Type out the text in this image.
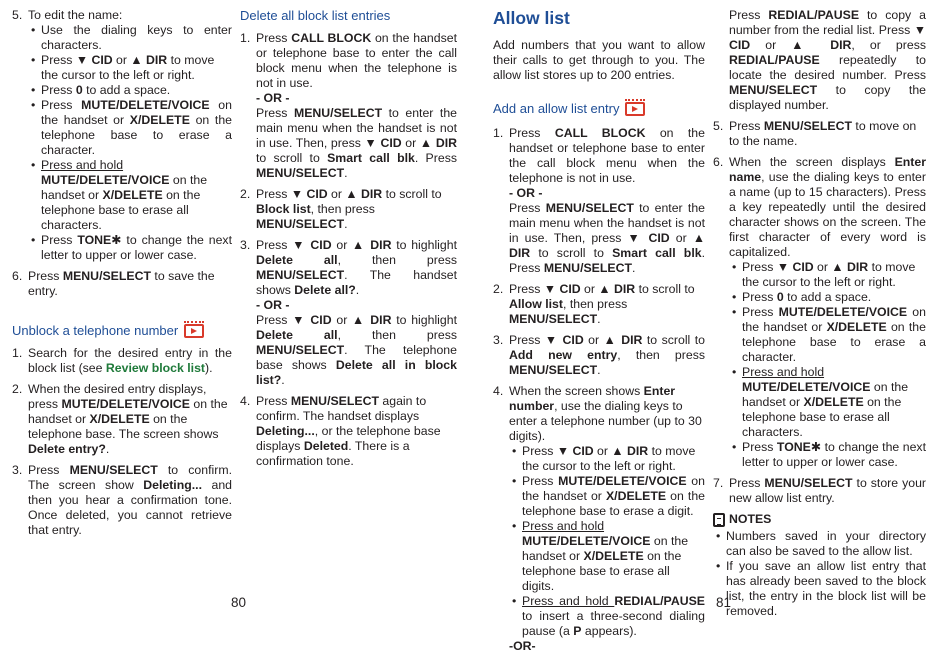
5. To edit the name:
• Use the dialing keys to enter characters.
• Press ▼ CID or ▲ DIR to move the cursor to the left or right.
• Press 0 to add a space.
• Press MUTE/DELETE/VOICE on the handset or X/DELETE on the telephone base to erase a character.
• Press and hold
MUTE/DELETE/VOICE on the handset or X/DELETE on the telephone base to erase all characters.
• Press TONE✱ to change the next letter to upper or lower case.
6. Press MENU/SELECT to save the entry.
Unblock a telephone number
1. Search for the desired entry in the block list (see Review block list).
2. When the desired entry displays, press MUTE/DELETE/VOICE on the handset or X/DELETE on the telephone base. The screen shows Delete entry?.
3. Press MENU/SELECT to confirm. The screen show Deleting... and then you hear a confirmation tone. Once deleted, you cannot retrieve that entry.
Delete all block list entries
1. Press CALL BLOCK on the handset or telephone base to enter the call block menu when the telephone is not in use.
- OR -
Press MENU/SELECT to enter the main menu when the handset is not in use. Then, press ▼ CID or ▲ DIR to scroll to Smart call blk. Press MENU/SELECT.
2. Press ▼ CID or ▲ DIR to scroll to Block list, then press MENU/SELECT.
3. Press ▼ CID or ▲ DIR to highlight Delete all, then press MENU/SELECT. The handset shows Delete all?.
- OR -
Press ▼ CID or ▲ DIR to highlight Delete all, then press MENU/SELECT. The telephone base shows Delete all in block list?.
4. Press MENU/SELECT again to confirm. The handset displays Deleting..., or the telephone base displays Deleted. There is a confirmation tone.
Allow list
Add numbers that you want to allow their calls to get through to you. The allow list stores up to 200 entries.
Add an allow list entry
1. Press CALL BLOCK on the handset or telephone base to enter the call block menu when the telephone is not in use.
- OR -
Press MENU/SELECT to enter the main menu when the handset is not in use. Then, press ▼ CID or ▲ DIR to scroll to Smart call blk. Press MENU/SELECT.
2. Press ▼ CID or ▲ DIR to scroll to Allow list, then press MENU/SELECT.
3. Press ▼ CID or ▲ DIR to scroll to Add new entry, then press MENU/SELECT.
4. When the screen shows Enter number, use the dialing keys to enter a telephone number (up to 30 digits).
• Press ▼ CID or ▲ DIR to move the cursor to the left or right.
• Press MUTE/DELETE/VOICE on the handset or X/DELETE on the telephone base to erase a digit.
• Press and hold
MUTE/DELETE/VOICE on the handset or X/DELETE on the telephone base to erase all digits.
• Press and hold REDIAL/PAUSE to insert a three-second dialing pause (a P appears).
-OR-
Press REDIAL/PAUSE to copy a number from the redial list. Press ▼ CID or ▲ DIR, or press REDIAL/PAUSE repeatedly to locate the desired number. Press MENU/SELECT to copy the displayed number.
5. Press MENU/SELECT to move on to the name.
6. When the screen displays Enter name, use the dialing keys to enter a name (up to 15 characters). Press a key repeatedly until the desired character shows on the screen. The first character of every word is capitalized.
• Press ▼ CID or ▲ DIR to move the cursor to the left or right.
• Press 0 to add a space.
• Press MUTE/DELETE/VOICE on the handset or X/DELETE on the telephone base to erase a character.
• Press and hold
MUTE/DELETE/VOICE on the handset or X/DELETE on the telephone base to erase all characters.
• Press TONE✱ to change the next letter to upper or lower case.
7. Press MENU/SELECT to store your new allow list entry.
NOTES
• Numbers saved in your directory can also be saved to the allow list.
• If you save an allow list entry that has already been saved to the block list, the entry in the block list will be removed.
80	81
